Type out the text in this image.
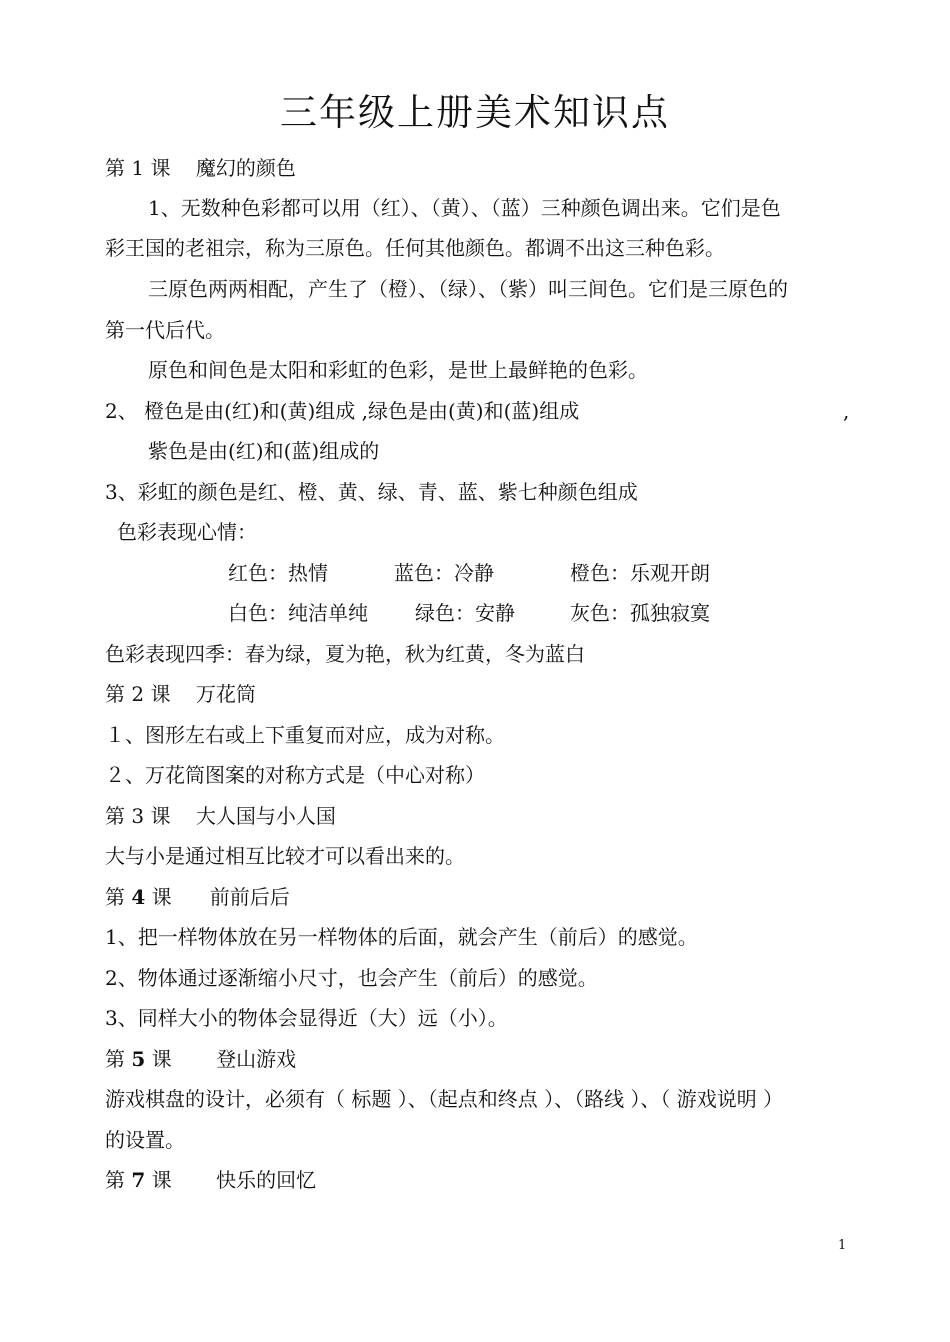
三年级上册美术知识点
第 1 课 魔幻的颜色
1、无数种色彩都可以用（红）、（黄）、（蓝）三种颜色调出来。它们是色
彩王国的老祖宗，称为三原色。任何其他颜色。都调不出这三种色彩。
三原色两两相配，产生了（橙）、（绿）、（紫）叫三间色。它们是三原色的
第一代后代。
原色和间色是太阳和彩虹的色彩，是世上最鲜艳的色彩。
2、 橙色是由(红)和(黄)组成 ,绿色是由(黄)和(蓝)组成	,
紫色是由(红)和(蓝)组成的
3、彩虹的颜色是红、橙、黄、绿、青、蓝、紫七种颜色组成
色彩表现心情：
红色：热情	蓝色：冷静	橙色：乐观开朗
白色：纯洁单纯 绿色：安静	灰色：孤独寂寞
色彩表现四季：春为绿，夏为艳，秋为红黄，冬为蓝白
第 2 课 万花筒
１、图形左右或上下重复而对应，成为对称。
２、万花筒图案的对称方式是（中心对称）
第 3 课 大人国与小人国
大与小是通过相互比较才可以看出来的。
第 4 课 前前后后
1、把一样物体放在另一样物体的后面，就会产生（前后）的感觉。
2、物体通过逐渐缩小尺寸，也会产生（前后）的感觉。
3、同样大小的物体会显得近（大）远（小）。
第 5 课 登山游戏
游戏棋盘的设计，必须有（ 标题 ）、（起点和终点 ）、（路线 ）、（ 游戏说明 ）
的设置。
第 7 课 快乐的回忆
1
